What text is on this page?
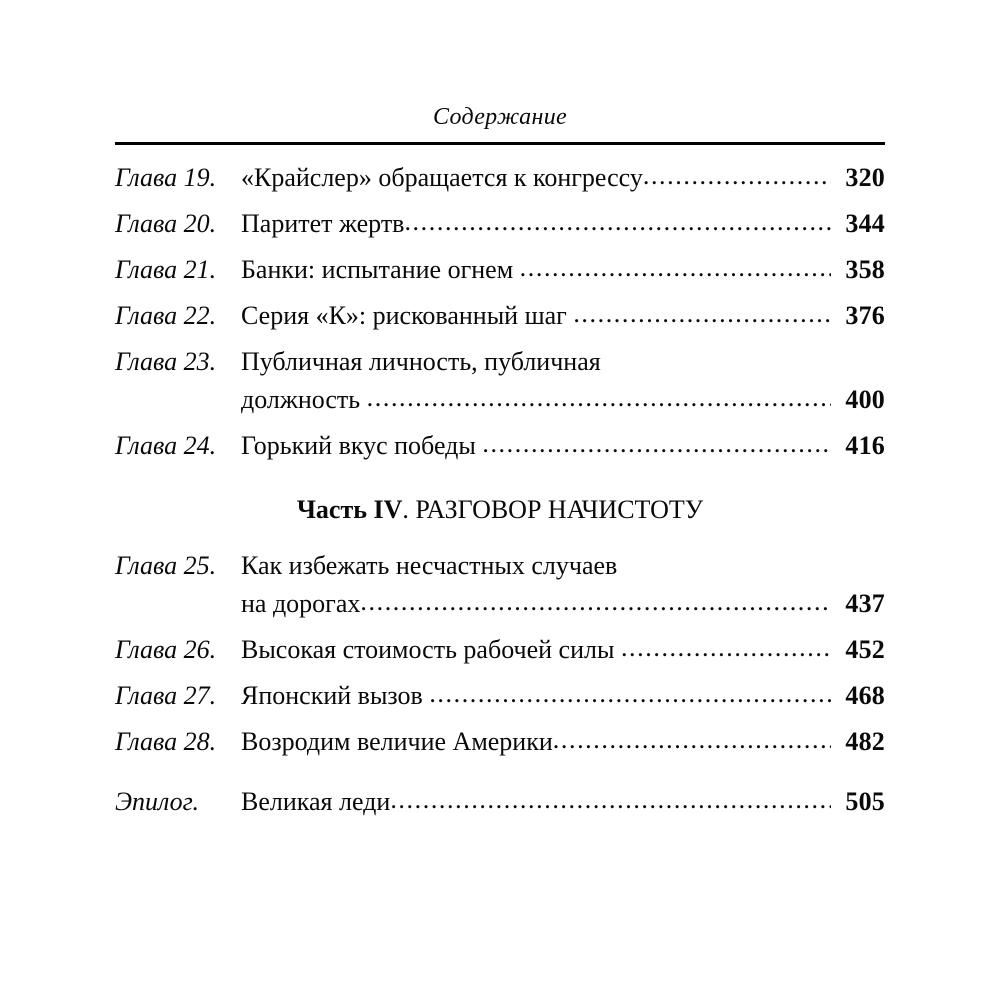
Содержание
Глава 19. «Крайслер» обращается к конгрессу .....	320
Глава 20. Паритет жертв .....	344
Глава 21. Банки: испытание огнем .....	358
Глава 22. Серия «К»: рискованный шаг .....	376
Глава 23. Публичная личность, публичная
должность .....	400
Глава 24. Горький вкус победы .....	416
Часть IV. РАЗГОВОР НАЧИСТОТУ
Глава 25. Как избежать несчастных случаев
на дорогах .....	437
Глава 26. Высокая стоимость рабочей силы .....	452
Глава 27. Японский вызов .....	468
Глава 28. Возродим величие Америки .....	482
Эпилог.	Великая леди .....	505
